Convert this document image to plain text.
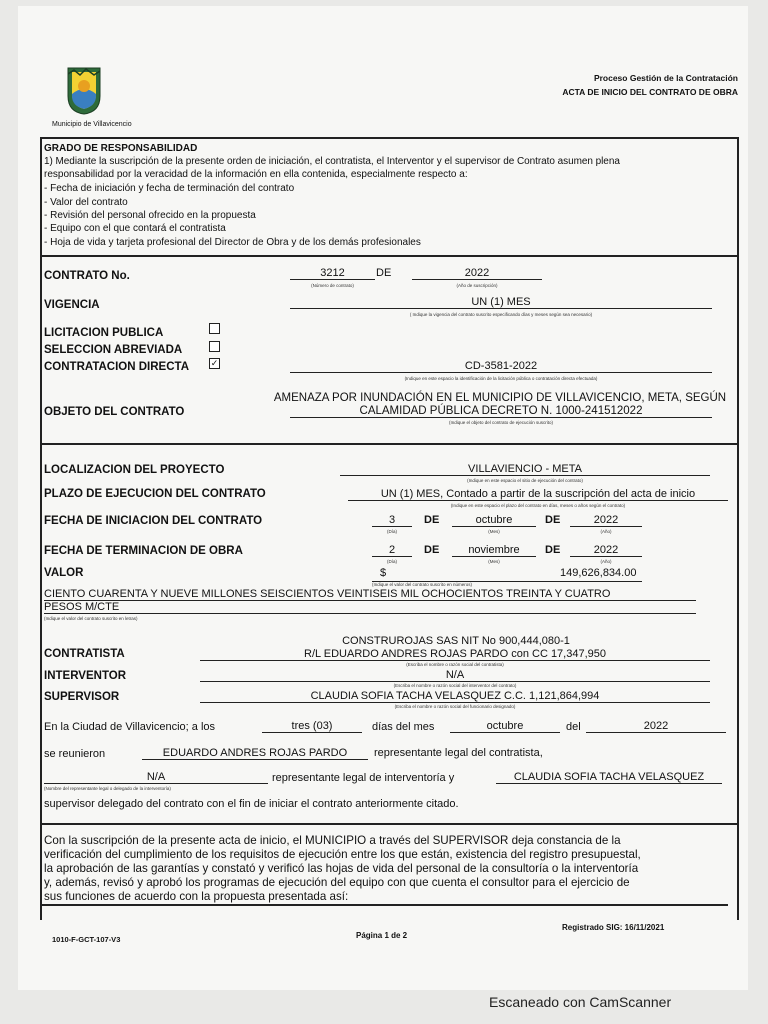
Municipio de Villavicencio
Proceso Gestión de la Contratación
ACTA DE INICIO DEL CONTRATO DE OBRA
GRADO DE RESPONSABILIDAD
1) Mediante la suscripción de la presente orden de iniciación, el contratista, el Interventor y el supervisor de Contrato asumen plena
responsabilidad por la veracidad de la información en ella contenida, especialmente respecto a:
- Fecha de iniciación y fecha de terminación del contrato
- Valor del contrato
- Revisión del personal ofrecido en la propuesta
- Equipo con el que contará el contratista
- Hoja de vida y tarjeta profesional del Director de Obra y de los demás profesionales
CONTRATO No.	3212	DE	2022
(Número de contrato)	(Año de suscripción)
VIGENCIA	UN (1) MES
( Indique la vigencia del contrato suscrito especificando días y meses según sea necesario)
LICITACION PUBLICA
SELECCION ABREVIADA
CONTRATACION DIRECTA ✓	CD-3581-2022
(Indique en este espacio la identificación de la licitación pública o contratación directa efectuada)
OBJETO DEL CONTRATO
AMENAZA POR INUNDACIÓN EN EL MUNICIPIO DE VILLAVICENCIO, META, SEGÚN
CALAMIDAD PÚBLICA DECRETO N. 1000-241512022
(Indique el objeto del contrato de ejecución suscrito)
LOCALIZACION DEL PROYECTO	VILLAVIENCIO - META
(Indique en este espacio el sitio de ejecución del contrato)
PLAZO DE EJECUCION DEL CONTRATO	UN (1) MES, Contado a partir de la suscripción del acta de inicio
(Indique en este espacio el plazo del contrato en días, meses o años según el contrato)
FECHA DE INICIACION DEL CONTRATO	3	DE	octubre	DE	2022
(Día)	(Mes)	(Año)
FECHA DE TERMINACION DE OBRA	2	DE	noviembre	DE	2022
(Día)	(Mes)	(Año)
VALOR	$	149,626,834.00
(Indique el valor del contrato suscrito en números)
CIENTO CUARENTA Y NUEVE MILLONES SEISCIENTOS VEINTISEIS MIL OCHOCIENTOS TREINTA Y CUATRO
PESOS M/CTE
(Indique el valor del contrato suscrito en letras)
CONSTRUROJAS SAS NIT No 900,444,080-1
CONTRATISTA	R/L EDUARDO ANDRES ROJAS PARDO con CC 17,347,950
(Escriba el nombre o razón social del contratista)
INTERVENTOR	N/A
(Escriba el nombre o razón social del interventor del contrato)
SUPERVISOR	CLAUDIA SOFIA TACHA VELASQUEZ C.C. 1,121,864,994
(Escriba el nombre o razón social del funcionario designado)
En la Ciudad de Villavicencio; a los	tres (03)	días del mes	octubre	del	2022
se reunieron	EDUARDO ANDRES ROJAS PARDO	representante legal del contratista,
N/A	representante legal de interventoría y	CLAUDIA SOFIA TACHA VELASQUEZ
(Nombre del representante legal o delegado de la interventoría)
supervisor delegado del contrato con el fin de iniciar el contrato anteriormente citado.
Con la suscripción de la presente acta de inicio, el MUNICIPIO a través del SUPERVISOR deja constancia de la
verificación del cumplimiento de los requisitos de ejecución entre los que están, existencia del registro presupuestal,
la aprobación de las garantías y constató y verificó las hojas de vida del personal de la consultoría o la interventoría
y, además, revisó y aprobó los programas de ejecución del equipo con que cuenta el consultor para el ejercicio de
sus funciones de acuerdo con la propuesta presentada así:
1010-F-GCT-107-V3	Página 1 de 2
Registrado SIG: 16/11/2021
Escaneado con CamScanner
